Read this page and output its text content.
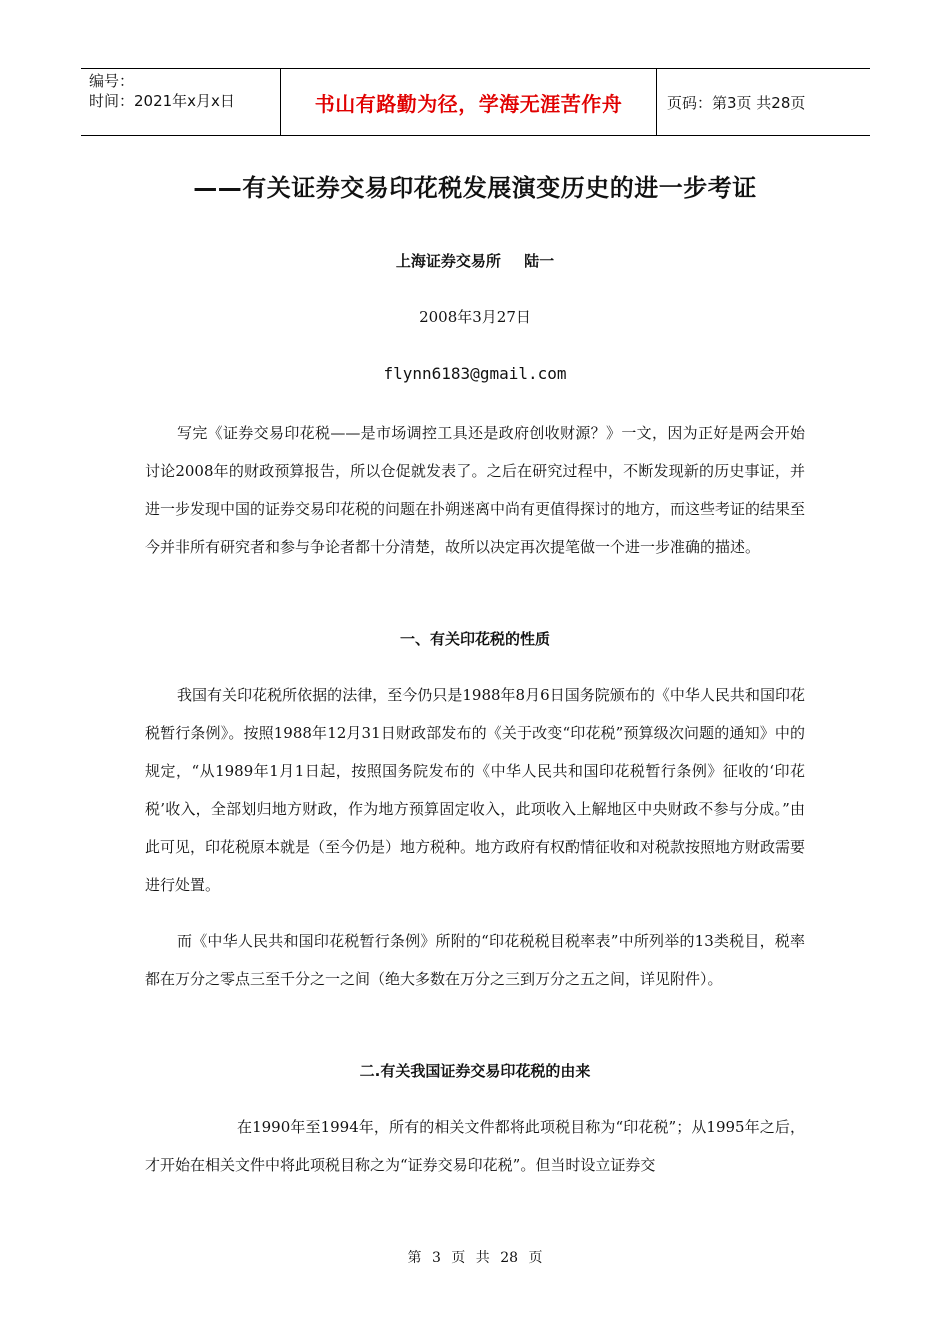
编号：
时间：2021年x月x日	书山有路勤为径，学海无涯苦作舟	页码：第3页 共28页
——有关证券交易印花税发展演变历史的进一步考证
上海证券交易所 陆一
2008年3月27日
flynn6183@gmail.com

写完《证券交易印花税——是市场调控工具还是政府创收财源？》一文，因为正好是两会开始讨论2008年的财政预算报告，所以仓促就发表了。之后在研究过程中，不断发现新的历史事证，并进一步发现中国的证券交易印花税的问题在扑朔迷离中尚有更值得探讨的地方，而这些考证的结果至今并非所有研究者和参与争论者都十分清楚，故所以决定再次提笔做一个进一步准确的描述。

一、有关印花税的性质

我国有关印花税所依据的法律，至今仍只是1988年8月6日国务院颁布的《中华人民共和国印花税暂行条例》。按照1988年12月31日财政部发布的《关于改变“印花税”预算级次问题的通知》中的规定，“从1989年1月1日起，按照国务院发布的《中华人民共和国印花税暂行条例》征收的‘印花税’收入，全部划归地方财政，作为地方预算固定收入，此项收入上解地区中央财政不参与分成。”由此可见，印花税原本就是（至今仍是）地方税种。地方政府有权酌情征收和对税款按照地方财政需要进行处置。

而《中华人民共和国印花税暂行条例》所附的“印花税税目税率表”中所列举的13类税目，税率都在万分之零点三至千分之一之间（绝大多数在万分之三到万分之五之间，详见附件）。

二.有关我国证券交易印花税的由来

在1990年至1994年，所有的相关文件都将此项税目称为“印花税”；从1995年之后，才开始在相关文件中将此项税目称之为“证券交易印花税”。但当时设立证券交

第 3 页 共 28 页
